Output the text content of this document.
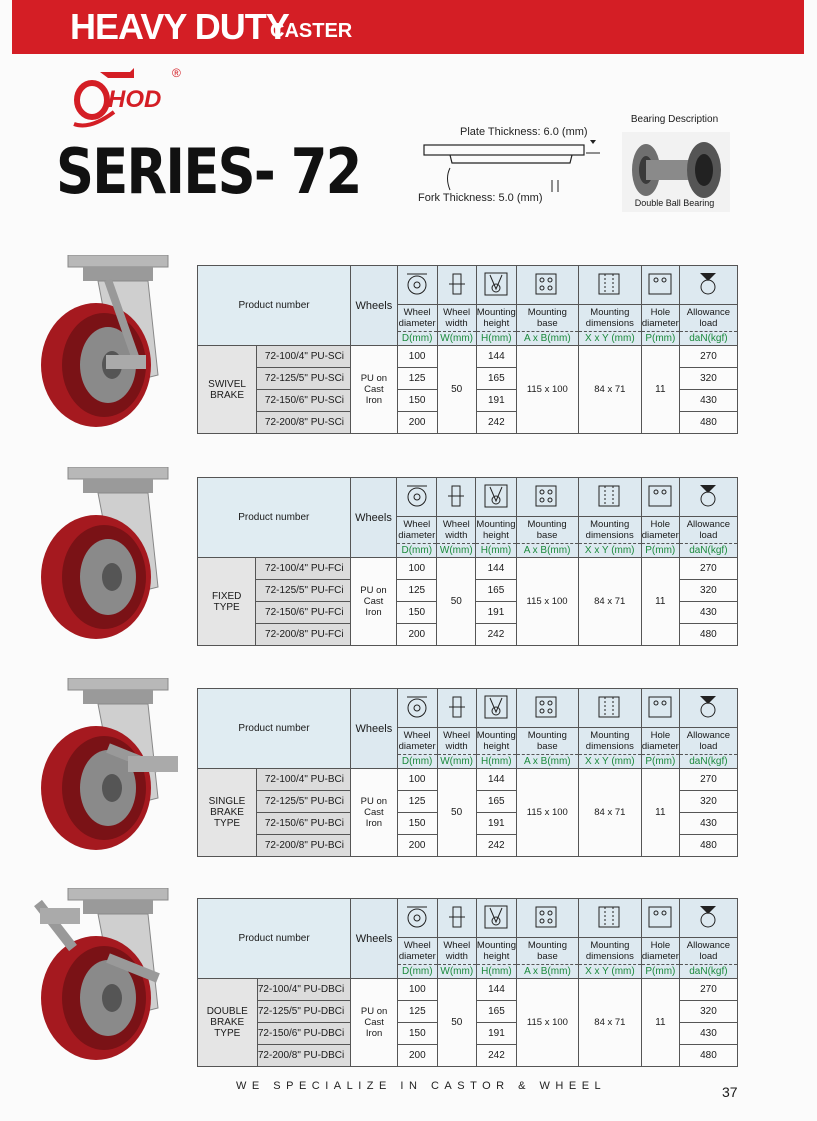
HEAVY DUTY
CASTER
HOD
®
SERIES- 72
Plate Thickness: 6.0 (mm)
Fork Thickness: 5.0 (mm)
Bearing Description
Double Ball Bearing
Product number		Wheels							
			Wheel diameter	Wheel width	Mounting height	Mounting base	Mounting dimensions	Hole diameter	Allowance load
			D(mm)	W(mm)	H(mm)	A x B(mm)	X x Y (mm)	P(mm)	daN(kgf)
SWIVEL BRAKE	72-100/4" PU-SCi	PU on Cast Iron	100	50	144	115 x 100	84 x 71	11	270
	72-125/5" PU-SCi		125		165				320
	72-150/6" PU-SCi		150		191				430
	72-200/8" PU-SCi		200		242				480
Product number		Wheels							
			Wheel diameter	Wheel width	Mounting height	Mounting base	Mounting dimensions	Hole diameter	Allowance load
			D(mm)	W(mm)	H(mm)	A x B(mm)	X x Y (mm)	P(mm)	daN(kgf)
FIXED TYPE	72-100/4" PU-FCi	PU on Cast Iron	100	50	144	115 x 100	84 x 71	11	270
	72-125/5" PU-FCi		125		165				320
	72-150/6" PU-FCi		150		191				430
	72-200/8" PU-FCi		200		242				480
Product number		Wheels							
			Wheel diameter	Wheel width	Mounting height	Mounting base	Mounting dimensions	Hole diameter	Allowance load
			D(mm)	W(mm)	H(mm)	A x B(mm)	X x Y (mm)	P(mm)	daN(kgf)
SINGLE BRAKE TYPE	72-100/4" PU-BCi	PU on Cast Iron	100	50	144	115 x 100	84 x 71	11	270
	72-125/5" PU-BCi		125		165				320
	72-150/6" PU-BCi		150		191				430
	72-200/8" PU-BCi		200		242				480
Product number		Wheels							
			Wheel diameter	Wheel width	Mounting height	Mounting base	Mounting dimensions	Hole diameter	Allowance load
			D(mm)	W(mm)	H(mm)	A x B(mm)	X x Y (mm)	P(mm)	daN(kgf)
DOUBLE BRAKE TYPE	72-100/4" PU-DBCi	PU on Cast Iron	100	50	144	115 x 100	84 x 71	11	270
	72-125/5" PU-DBCi		125		165				320
	72-150/6" PU-DBCi		150		191				430
	72-200/8" PU-DBCi		200		242				480
WE SPECIALIZE IN CASTOR & WHEEL	37
